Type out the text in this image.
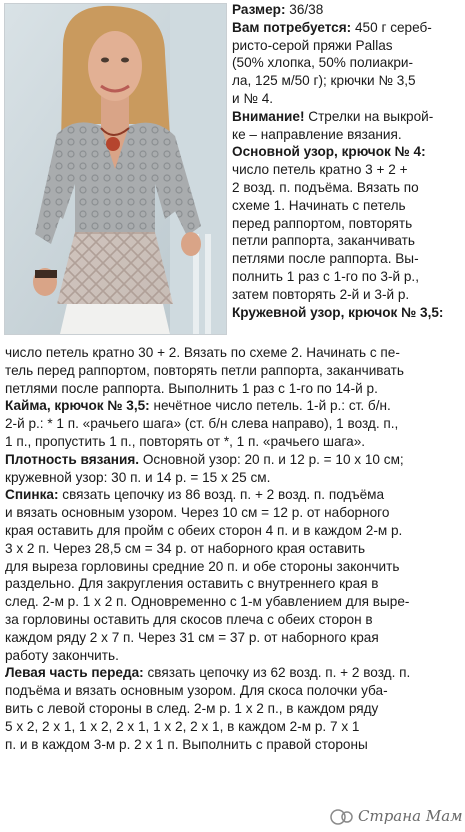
Размер: 36/38

Вам потребуется: 450 г сереб-
ристо-серой пряжи Pallas
(50% хлопка, 50% полиакри-
ла, 125 м/50 г); крючки № 3,5
и № 4.

Внимание! Стрелки на выкрой-
ке – направление вязания.

Основной узор, крючок № 4:
число петель кратно 3 + 2 +
2 возд. п. подъёма. Вязать по
схеме 1. Начинать с петель
перед раппортом, повторять
петли раппорта, заканчивать
петлями после раппорта. Вы-
полнить 1 раз с 1-го по 3-й р.,
затем повторять 2-й и 3-й р.
Кружевной узор, крючок № 3,5:

число петель кратно 30 + 2. Вязать по схеме 2. Начинать с пе-
тель перед раппортом, повторять петли раппорта, заканчивать
петлями после раппорта. Выполнить 1 раз с 1-го по 14-й р.

Кайма, крючок № 3,5: нечётное число петель. 1-й р.: ст. б/н.
2-й р.: * 1 п. «рачьего шага» (ст. б/н слева направо), 1 возд. п.,
1 п., пропустить 1 п., повторять от *, 1 п. «рачьего шага».

Плотность вязания. Основной узор: 20 п. и 12 р. = 10 х 10 см;
кружевной узор: 30 п. и 14 р. = 15 х 25 см.

Спинка: связать цепочку из 86 возд. п. + 2 возд. п. подъёма
и вязать основным узором. Через 10 см = 12 р. от наборного
края оставить для пройм с обеих сторон 4 п. и в каждом 2-м р.
3 х 2 п. Через 28,5 см = 34 р. от наборного края оставить
для выреза горловины средние 20 п. и обе стороны закончить
раздельно. Для закругления оставить с внутреннего края в
след. 2-м р. 1 х 2 п. Одновременно с 1-м убавлением для выре-
за горловины оставить для скосов плеча с обеих сторон в
каждом ряду 2 х 7 п. Через 31 см = 37 р. от наборного края
работу закончить.

Левая часть переда: связать цепочку из 62 возд. п. + 2 возд. п.
подъёма и вязать основным узором. Для скоса полочки уба-
вить с левой стороны в след. 2-м р. 1 х 2 п., в каждом ряду
5 х 2, 2 х 1, 1 х 2, 2 х 1, 1 х 2, 2 х 1, в каждом 2-м р. 7 х 1
п. и в каждом 3-м р. 2 х 1 п. Выполнить с правой стороны

Страна Мам
